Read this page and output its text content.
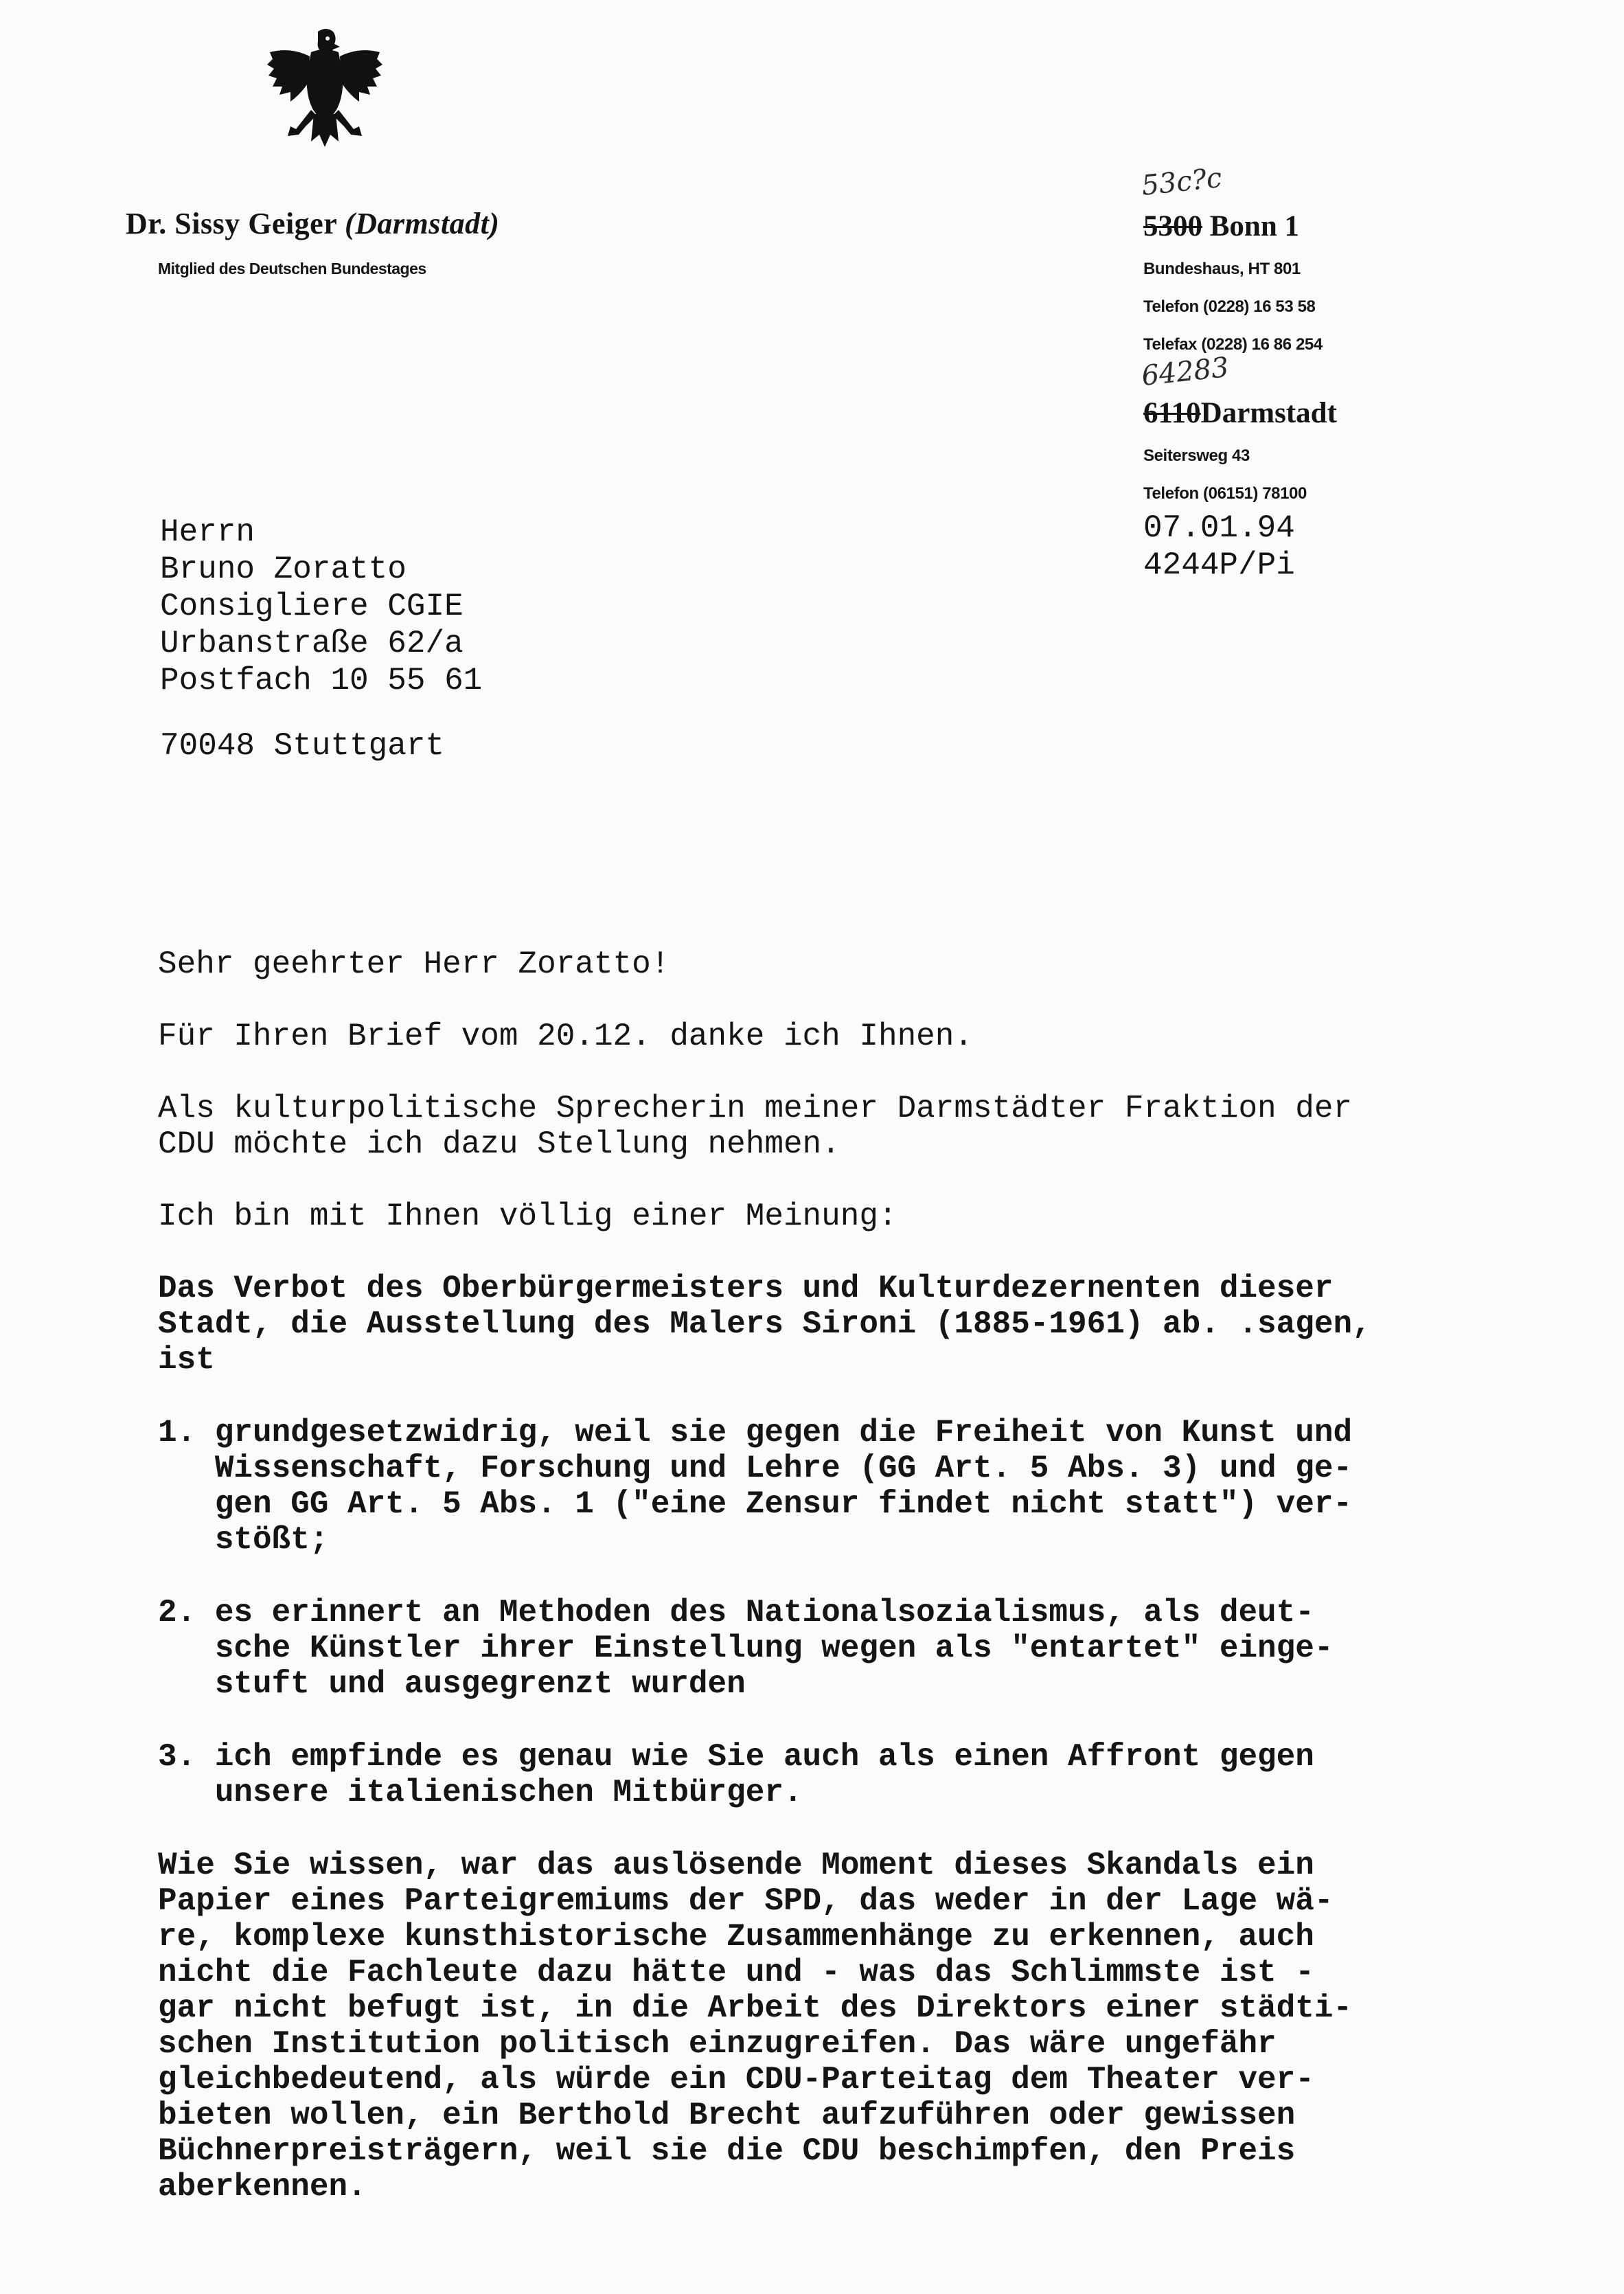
Dr. Sissy Geiger (Darmstadt)
Mitglied des Deutschen Bundestages
53c?c
5300 Bonn 1
Bundeshaus, HT 801
Telefon (0228) 16 53 58
Telefax (0228) 16 86 254
64283
6110Darmstadt
Seitersweg 43
Telefon (06151) 78100
07.01.94
4244P/Pi
Herrn
Bruno Zoratto
Consigliere CGIE
Urbanstraße 62/a
Postfach 10 55 61
70048 Stuttgart
Sehr geehrter Herr Zoratto!
Für Ihren Brief vom 20.12. danke ich Ihnen.
Als kulturpolitische Sprecherin meiner Darmstädter Fraktion der
CDU möchte ich dazu Stellung nehmen.
Ich bin mit Ihnen völlig einer Meinung:
Das Verbot des Oberbürgermeisters und Kulturdezernenten dieser
Stadt, die Ausstellung des Malers Sironi (1885-1961) ab. .sagen,
ist
1. grundgesetzwidrig, weil sie gegen die Freiheit von Kunst und
Wissenschaft, Forschung und Lehre (GG Art. 5 Abs. 3) und ge-
gen GG Art. 5 Abs. 1 ("eine Zensur findet nicht statt") ver-
stößt;
2. es erinnert an Methoden des Nationalsozialismus, als deut-
sche Künstler ihrer Einstellung wegen als "entartet" einge-
stuft und ausgegrenzt wurden
3. ich empfinde es genau wie Sie auch als einen Affront gegen
unsere italienischen Mitbürger.
Wie Sie wissen, war das auslösende Moment dieses Skandals ein
Papier eines Parteigremiums der SPD, das weder in der Lage wä-
re, komplexe kunsthistorische Zusammenhänge zu erkennen, auch
nicht die Fachleute dazu hätte und - was das Schlimmste ist -
gar nicht befugt ist, in die Arbeit des Direktors einer städti-
schen Institution politisch einzugreifen. Das wäre ungefähr
gleichbedeutend, als würde ein CDU-Parteitag dem Theater ver-
bieten wollen, ein Berthold Brecht aufzuführen oder gewissen
Büchnerpreisträgern, weil sie die CDU beschimpfen, den Preis
aberkennen.
